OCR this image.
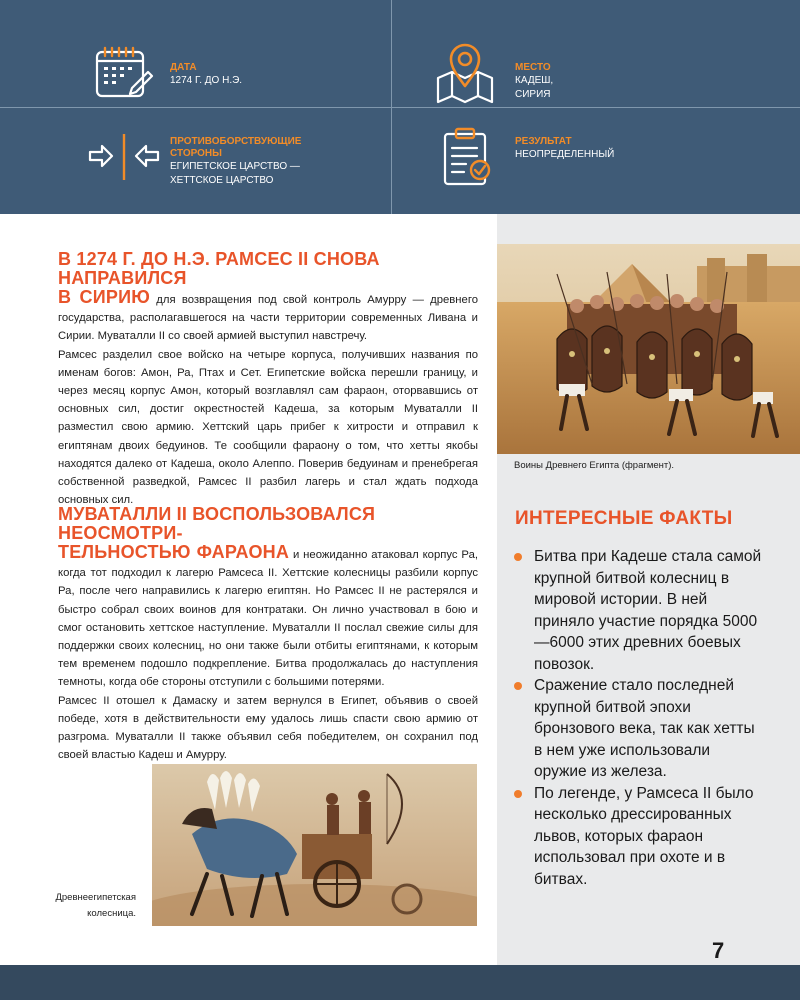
ДАТА
1274 Г. ДО Н.Э.
МЕСТО
КАДЕШ,
СИРИЯ
ПРОТИВОБОРСТВУЮЩИЕ
СТОРОНЫ
ЕГИПЕТСКОЕ ЦАРСТВО —
ХЕТТСКОЕ ЦАРСТВО
РЕЗУЛЬТАТ
НЕОПРЕДЕЛЕННЫЙ
Воины Древнего Египта (фрагмент).
ИНТЕРЕСНЫЕ ФАКТЫ
Битва при Кадеше стала самой крупной битвой колесниц в мировой истории. В ней приняло участие порядка 5000—6000 этих древних боевых повозок.
Сражение стало последней крупной битвой эпохи бронзового века, так как хетты в нем уже использовали оружие из железа.
По легенде, у Рамсеса II было несколько дрессированных львов, которых фараон использовал при охоте и в битвах.
В 1274 Г. ДО Н.Э. РАМСЕС II СНОВА НАПРАВИЛСЯ

В СИРИЮ для возвращения под свой контроль Амурру — древнего государства, располагавшегося на части территории современных Ливана и Сирии. Муваталли II со своей армией выступил навстречу.

Рамсес разделил свое войско на четыре корпуса, получивших названия по именам богов: Амон, Ра, Птах и Сет. Египетские войска перешли границу, и через месяц корпус Амон, который возглавлял сам фараон, оторвавшись от основных сил, достиг окрестностей Кадеша, за которым Муваталли II разместил свою армию. Хеттский царь прибег к хитрости и отправил к египтянам двоих бедуинов. Те сообщили фараону о том, что хетты якобы находятся далеко от Кадеша, около Алеппо. Поверив бедуинам и пренебрегая собственной разведкой, Рамсес II разбил лагерь и стал ждать подхода основных сил.

МУВАТАЛЛИ II ВОСПОЛЬЗОВАЛСЯ НЕОСМОТРИ-

ТЕЛЬНОСТЬЮ ФАРАОНА и неожиданно атаковал корпус Ра, когда тот подходил к лагерю Рамсеса II. Хеттские колесницы разбили корпус Ра, после чего направились к лагерю египтян. Но Рамсес II не растерялся и быстро собрал своих воинов для контратаки. Он лично участвовал в бою и смог остановить хеттское наступление. Муваталли II послал свежие силы для поддержки своих колесниц, но они также были отбиты египтянами, к которым тем временем подошло подкрепление. Битва продолжалась до наступления темноты, когда обе стороны отступили с большими потерями.

Рамсес II отошел к Дамаску и затем вернулся в Египет, объявив о своей победе, хотя в действительности ему удалось лишь спасти свою армию от разгрома. Муваталли II также объявил себя победителем, он сохранил под своей властью Кадеш и Амурру.

Древнеегипетская
колесница.
7
